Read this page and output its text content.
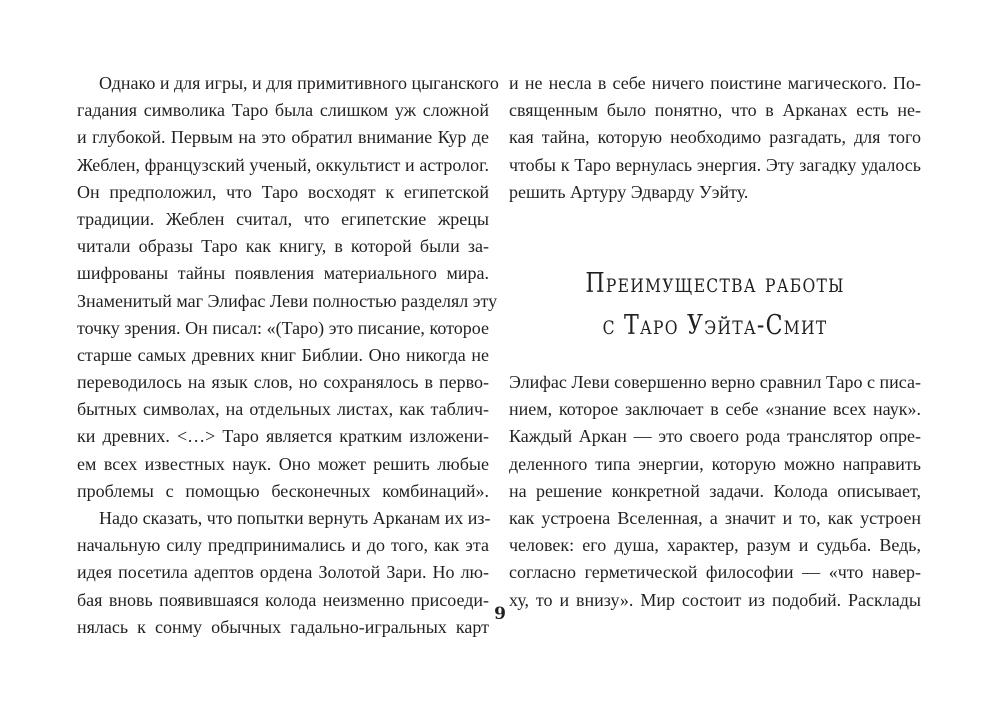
Однако и для игры, и для примитивного цыганского
гадания символика Таро была слишком уж сложной
и глубокой. Первым на это обратил внимание Кур де
Жеблен, французский ученый, оккультист и астролог.
Он предположил, что Таро восходят к египетской
традиции. Жеблен считал, что египетские жрецы
читали образы Таро как книгу, в которой были за-
шифрованы тайны появления материального мира.
Знаменитый маг Элифас Леви полностью разделял эту
точку зрения. Он писал: «(Таро) это писание, которое
старше самых древних книг Библии. Оно никогда не
переводилось на язык слов, но сохранялось в перво-
бытных символах, на отдельных листах, как таблич-
ки древних. <…> Таро является кратким изложени-
ем всех известных наук. Оно может решить любые
проблемы с помощью бесконечных комбинаций».
Надо сказать, что попытки вернуть Арканам их из-
начальную силу предпринимались и до того, как эта
идея посетила адептов ордена Золотой Зари. Но лю-
бая вновь появившаяся колода неизменно присоеди-
нялась к сонму обычных гадально-игральных карт
и не несла в себе ничего поистине магического. По-
священным было понятно, что в Арканах есть не-
кая тайна, которую необходимо разгадать, для того
чтобы к Таро вернулась энергия. Эту загадку удалось
решить Артуру Эдварду Уэйту.
Преимущества работы
с Таро Уэйта-Смит
Элифас Леви совершенно верно сравнил Таро с писа-
нием, которое заключает в себе «знание всех наук».
Каждый Аркан — это своего рода транслятор опре-
деленного типа энергии, которую можно направить
на решение конкретной задачи. Колода описывает,
как устроена Вселенная, а значит и то, как устроен
человек: его душа, характер, разум и судьба. Ведь,
согласно герметической философии — «что навер-
ху, то и внизу». Мир состоит из подобий. Расклады
9
